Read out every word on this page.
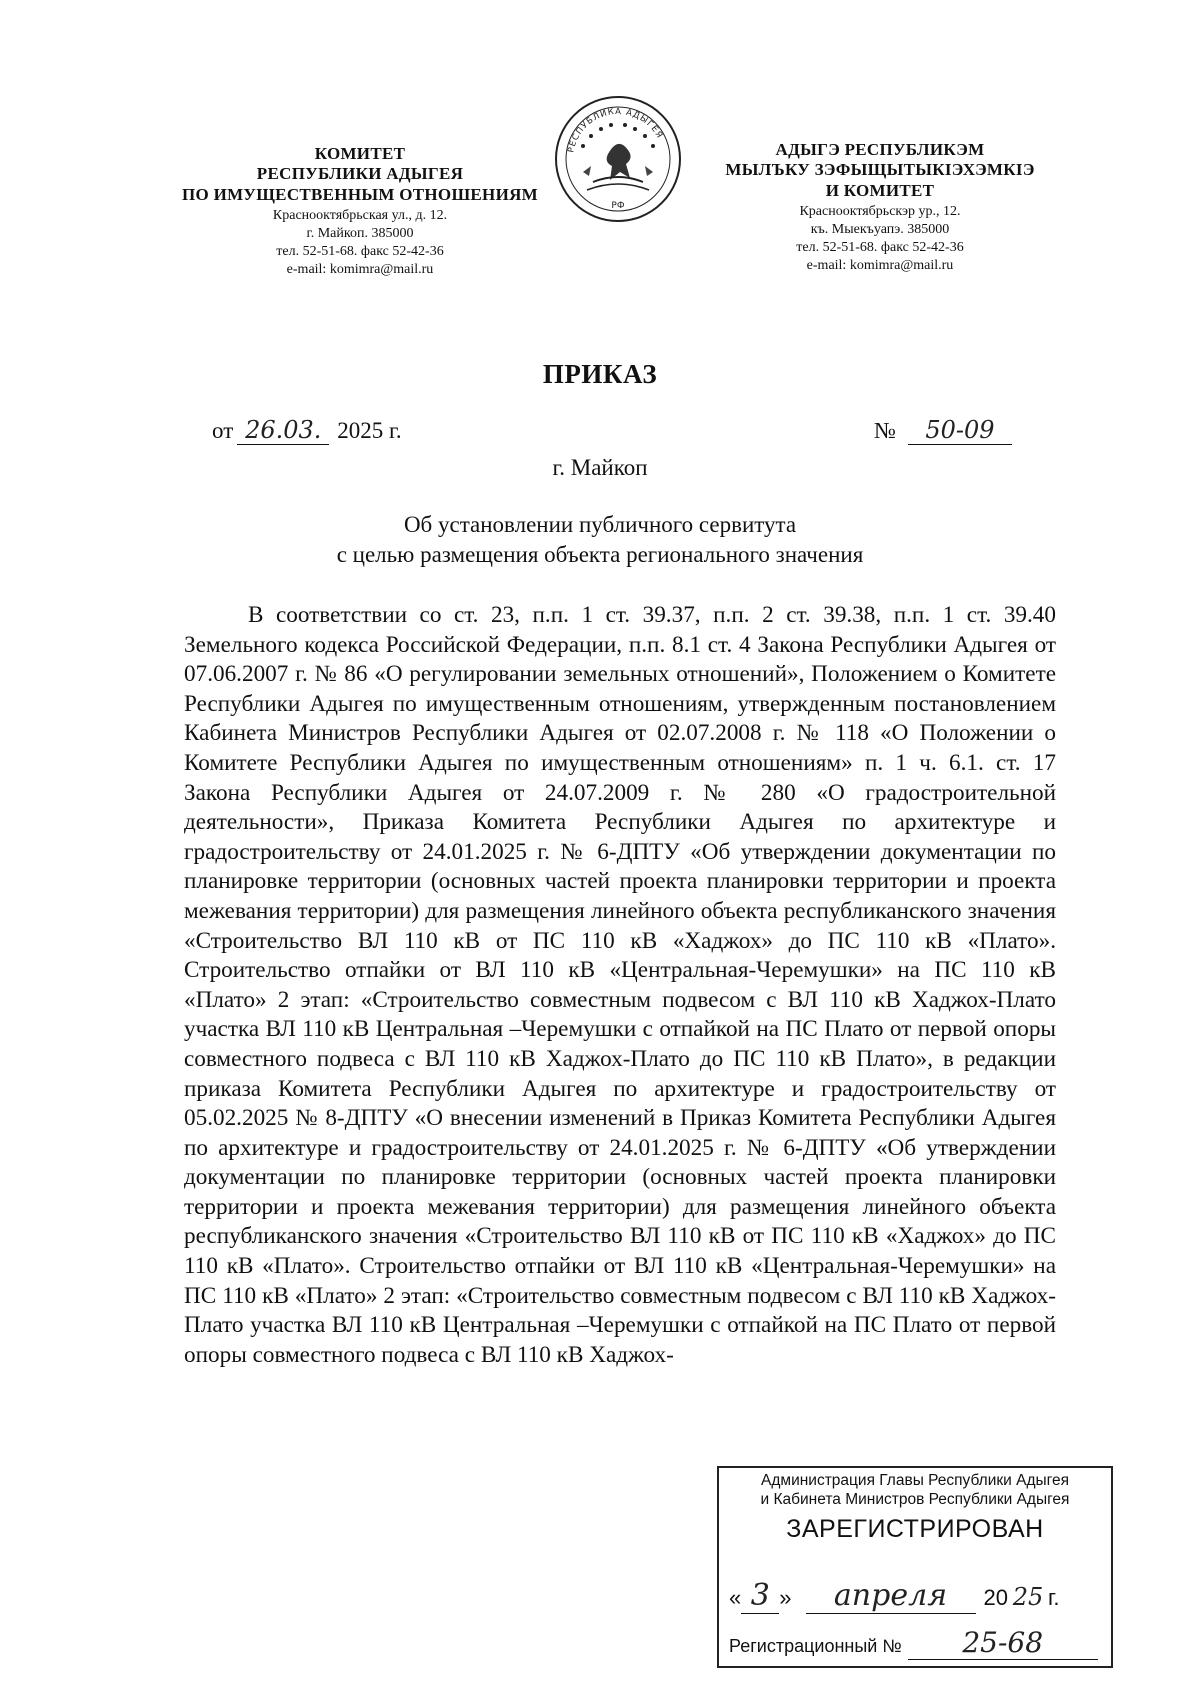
КОМИТЕТ
РЕСПУБЛИКИ АДЫГЕЯ
ПО ИМУЩЕСТВЕННЫМ ОТНОШЕНИЯМ
Краснооктябрьская ул., д. 12.
г. Майкоп. 385000
тел. 52-51-68. факс 52-42-36
e-mail: komimra@mail.ru
РЕСПУБЛИКА АДЫГЕЯ
РФ
АДЫГЭ РЕСПУБЛИКЭМ
МЫЛЪКУ ЗЭФЫЩЫТЫКIЭХЭМКIЭ
И КОМИТЕТ
Краснооктябрьскэр ур., 12.
къ. Мыекъуапэ. 385000
тел. 52-51-68. факс 52-42-36
e-mail: komimra@mail.ru
ПРИКАЗ
от 26.03. 2025 г.	№	50-09
г. Майкоп
Об установлении публичного сервитута
с целью размещения объекта регионального значения

В соответствии со ст. 23, п.п. 1 ст. 39.37, п.п. 2 ст. 39.38, п.п. 1 ст. 39.40 Земельного кодекса Российской Федерации, п.п. 8.1 ст. 4 Закона Республики Адыгея от 07.06.2007 г. № 86 «О регулировании земельных отношений», Положением о Комитете Республики Адыгея по имущественным отношениям, утвержденным постановлением Кабинета Министров Республики Адыгея от 02.07.2008 г. № 118 «О Положении о Комитете Республики Адыгея по имущественным отношениям» п. 1 ч. 6.1. ст. 17 Закона Республики Адыгея от 24.07.2009 г. № 280 «О градостроительной деятельности», Приказа Комитета Республики Адыгея по архитектуре и градостроительству от 24.01.2025 г. № 6-ДПТУ «Об утверждении документации по планировке территории (основных частей проекта планировки территории и проекта межевания территории) для размещения линейного объекта республиканского значения «Строительство ВЛ 110 кВ от ПС 110 кВ «Хаджох» до ПС 110 кВ «Плато». Строительство отпайки от ВЛ 110 кВ «Центральная-Черемушки» на ПС 110 кВ «Плато» 2 этап: «Строительство совместным подвесом с ВЛ 110 кВ Хаджох-Плато участка ВЛ 110 кВ Центральная –Черемушки с отпайкой на ПС Плато от первой опоры совместного подвеса с ВЛ 110 кВ Хаджох-Плато до ПС 110 кВ Плато», в редакции приказа Комитета Республики Адыгея по архитектуре и градостроительству от 05.02.2025 № 8-ДПТУ «О внесении изменений в Приказ Комитета Республики Адыгея по архитектуре и градостроительству от 24.01.2025 г. № 6-ДПТУ «Об утверждении документации по планировке территории (основных частей проекта планировки территории и проекта межевания территории) для размещения линейного объекта республиканского значения «Строительство ВЛ 110 кВ от ПС 110 кВ «Хаджох» до ПС 110 кВ «Плато». Строительство отпайки от ВЛ 110 кВ «Центральная-Черемушки» на ПС 110 кВ «Плато» 2 этап: «Строительство совместным подвесом с ВЛ 110 кВ Хаджох-Плато участка ВЛ 110 кВ Центральная –Черемушки с отпайкой на ПС Плато от первой опоры совместного подвеса с ВЛ 110 кВ Хаджох-

Администрация Главы Республики Адыгея
и Кабинета Министров Республики Адыгея
ЗАРЕГИСТРИРОВАН
« 3 »	апреля	20 25 г.
Регистрационный №	25-68
